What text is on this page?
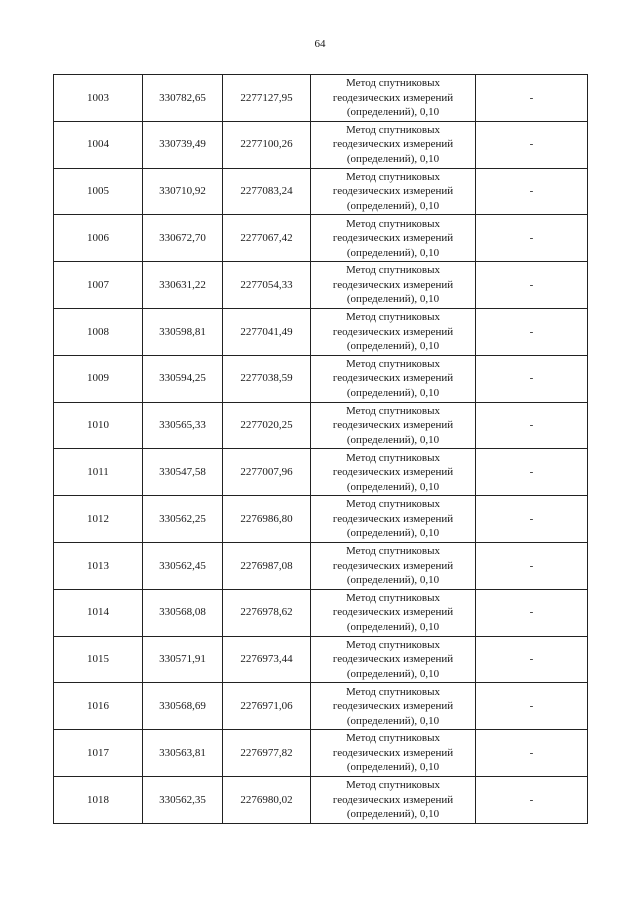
64
1003	330782,65	2277127,95	Метод спутниковых
геодезических измерений
(определений), 0,10	-
1004	330739,49	2277100,26	Метод спутниковых
геодезических измерений
(определений), 0,10	-
1005	330710,92	2277083,24	Метод спутниковых
геодезических измерений
(определений), 0,10	-
1006	330672,70	2277067,42	Метод спутниковых
геодезических измерений
(определений), 0,10	-
1007	330631,22	2277054,33	Метод спутниковых
геодезических измерений
(определений), 0,10	-
1008	330598,81	2277041,49	Метод спутниковых
геодезических измерений
(определений), 0,10	-
1009	330594,25	2277038,59	Метод спутниковых
геодезических измерений
(определений), 0,10	-
1010	330565,33	2277020,25	Метод спутниковых
геодезических измерений
(определений), 0,10	-
1011	330547,58	2277007,96	Метод спутниковых
геодезических измерений
(определений), 0,10	-
1012	330562,25	2276986,80	Метод спутниковых
геодезических измерений
(определений), 0,10	-
1013	330562,45	2276987,08	Метод спутниковых
геодезических измерений
(определений), 0,10	-
1014	330568,08	2276978,62	Метод спутниковых
геодезических измерений
(определений), 0,10	-
1015	330571,91	2276973,44	Метод спутниковых
геодезических измерений
(определений), 0,10	-
1016	330568,69	2276971,06	Метод спутниковых
геодезических измерений
(определений), 0,10	-
1017	330563,81	2276977,82	Метод спутниковых
геодезических измерений
(определений), 0,10	-
1018	330562,35	2276980,02	Метод спутниковых
геодезических измерений
(определений), 0,10	-
